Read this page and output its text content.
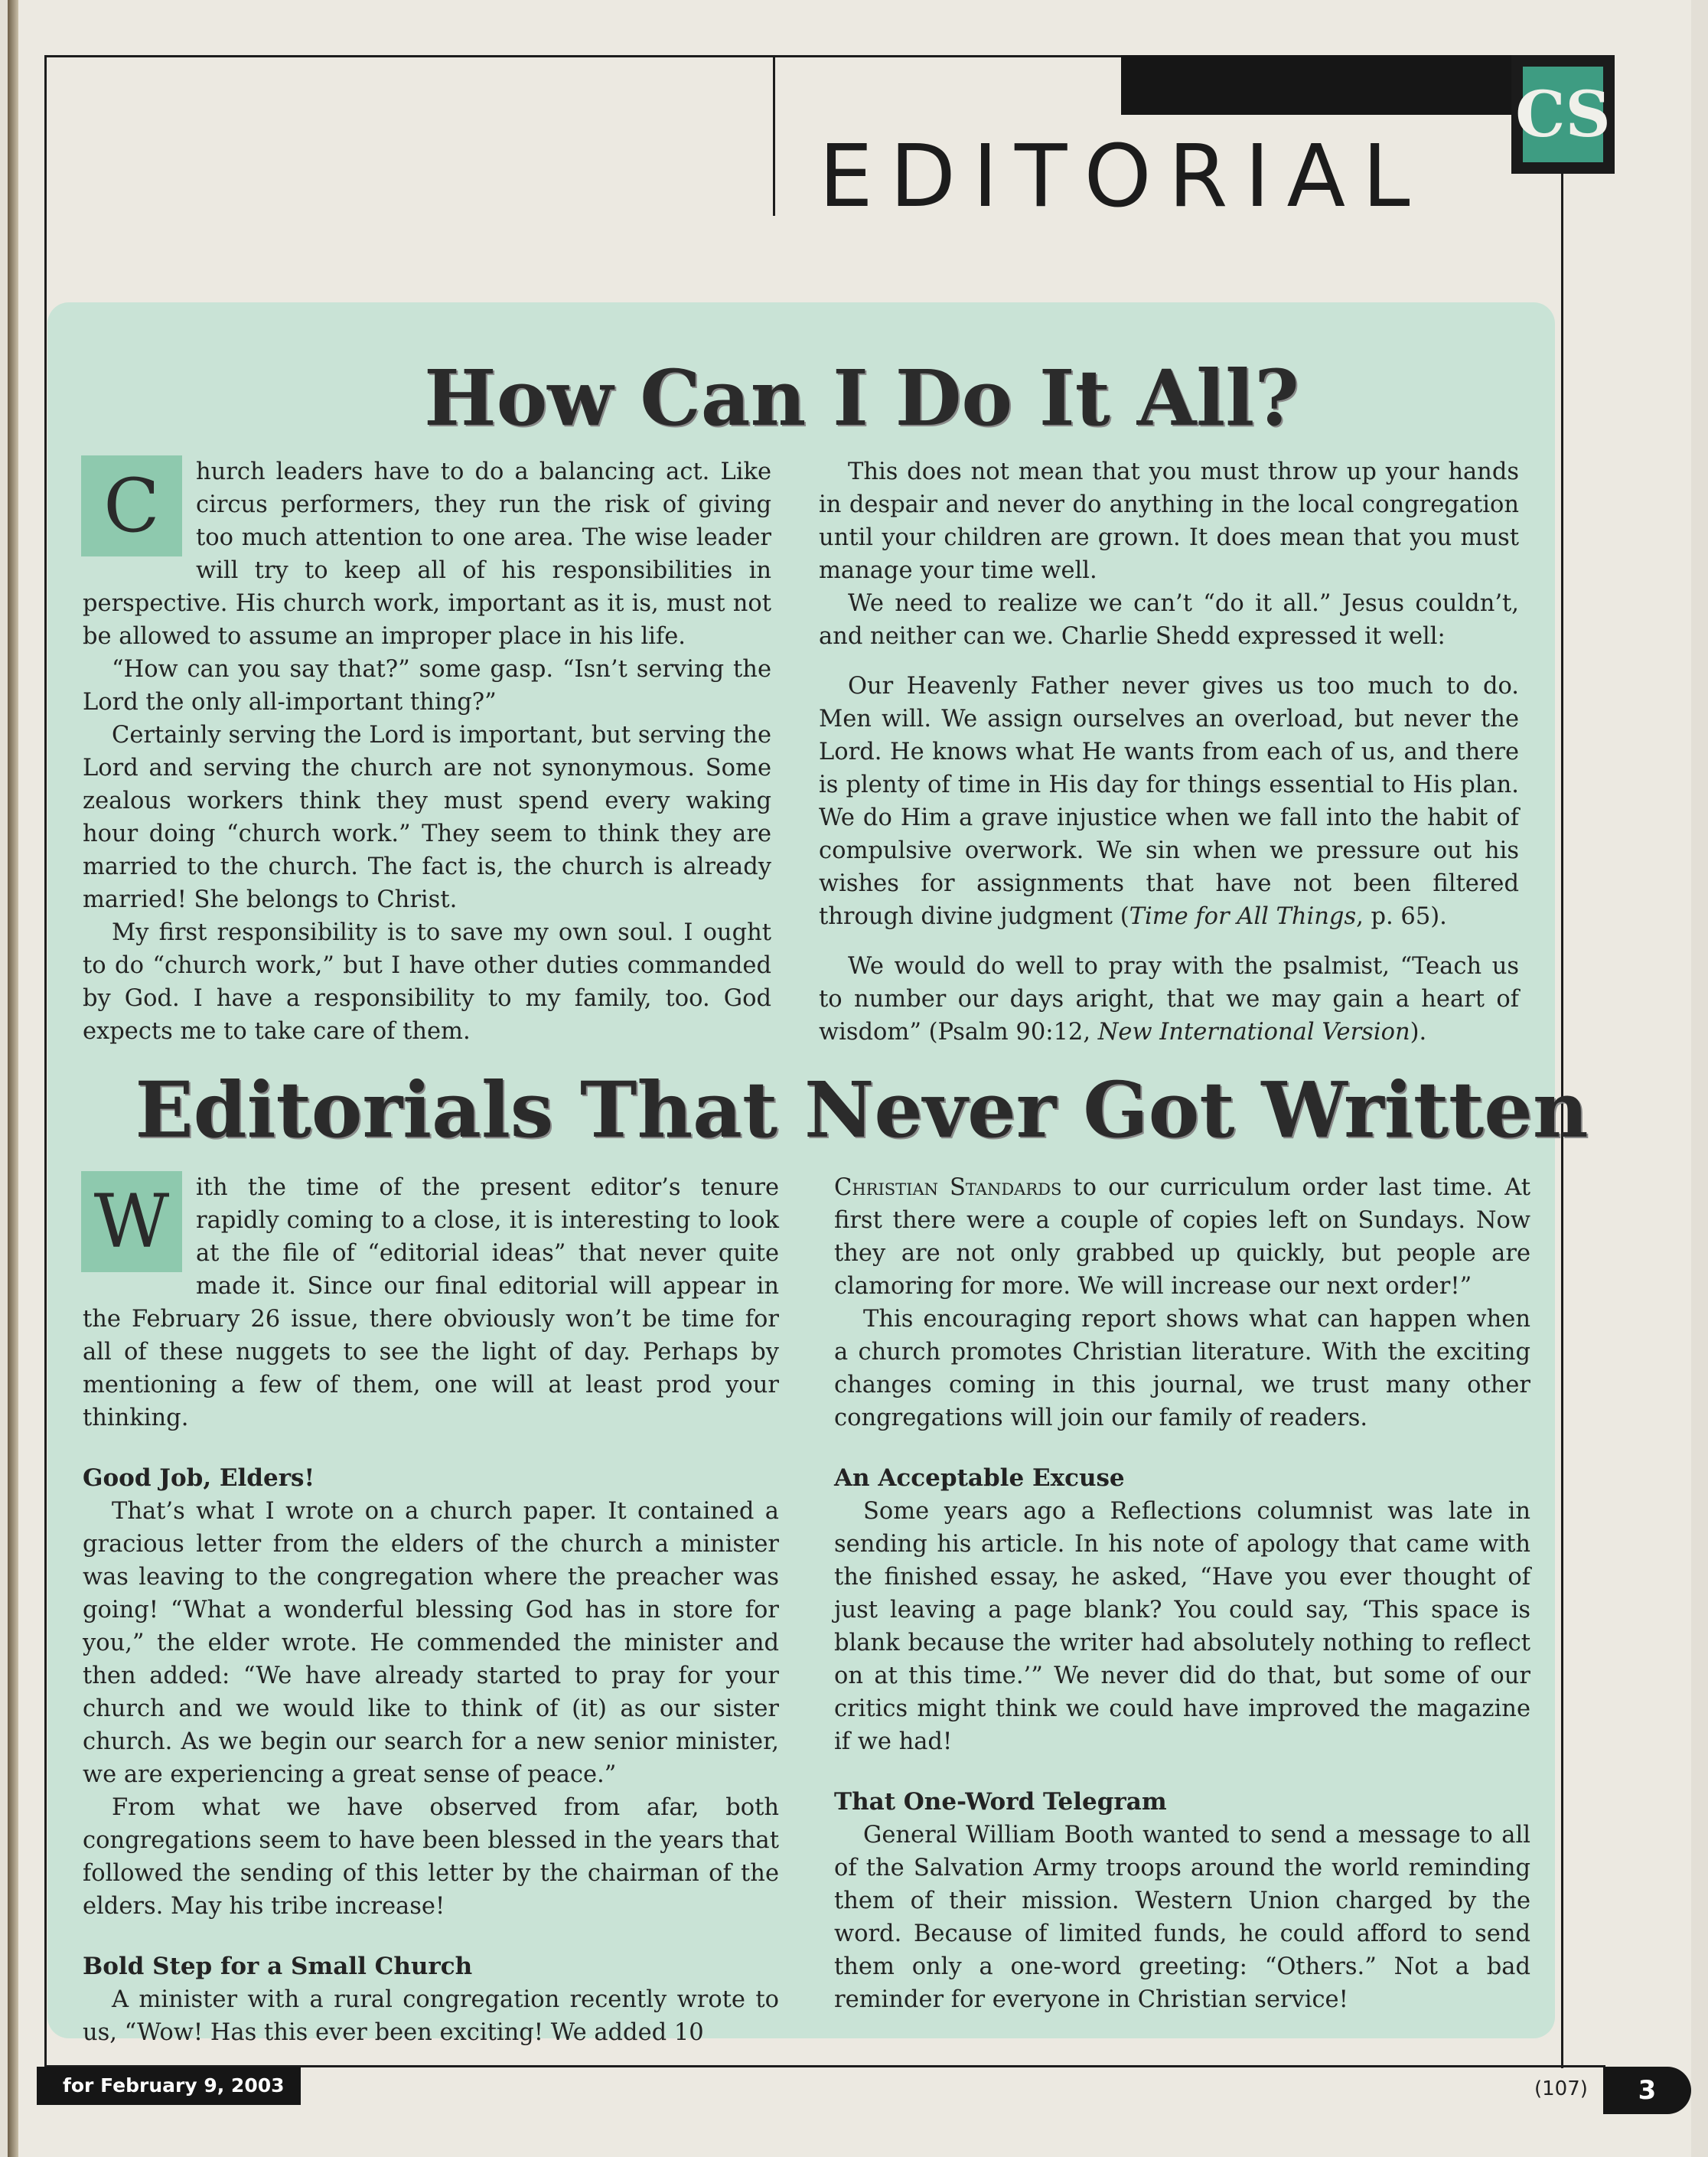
CS
EDITORIAL
How Can I Do It All?

C	hurch leaders have to do a balancing act. Like circus performers, they run the risk of giving too much attention to one area. The wise leader will try to keep all of his responsibilities in perspective. His church work, important as it is, must not be allowed to assume an improper place in his life.

“How can you say that?” some gasp. “Isn’t serving the Lord the only all-important thing?”

Certainly serving the Lord is important, but serving the Lord and serving the church are not synonymous. Some zealous workers think they must spend every waking hour doing “church work.” They seem to think they are married to the church. The fact is, the church is already married! She belongs to Christ.

My first responsibility is to save my own soul. I ought to do “church work,” but I have other duties commanded by God. I have a responsibility to my family, too. God expects me to take care of them.

This does not mean that you must throw up your hands in despair and never do anything in the local congregation until your children are grown. It does mean that you must manage your time well.

We need to realize we can’t “do it all.” Jesus couldn’t, and neither can we. Charlie Shedd expressed it well:

Our Heavenly Father never gives us too much to do. Men will. We assign ourselves an overload, but never the Lord. He knows what He wants from each of us, and there is plenty of time in His day for things essential to His plan. We do Him a grave injustice when we fall into the habit of compulsive overwork. We sin when we pressure out his wishes for assignments that have not been filtered through divine judgment (Time for All Things, p. 65).

We would do well to pray with the psalmist, “Teach us to number our days aright, that we may gain a heart of wisdom” (Psalm 90:12, New International Version).

Editorials That Never Got Written

W	ith the time of the present editor’s tenure rapidly coming to a close, it is interesting to look at the file of “editorial ideas” that never quite made it. Since our final editorial will appear in the February 26 issue, there obviously won’t be time for all of these nuggets to see the light of day. Perhaps by mentioning a few of them, one will at least prod your thinking.

Good Job, Elders!

That’s what I wrote on a church paper. It contained a gracious letter from the elders of the church a minister was leaving to the congregation where the preacher was going! “What a wonderful blessing God has in store for you,” the elder wrote. He commended the minister and then added: “We have already started to pray for your church and we would like to think of (it) as our sister church. As we begin our search for a new senior minister, we are experiencing a great sense of peace.”

From what we have observed from afar, both congregations seem to have been blessed in the years that followed the sending of this letter by the chairman of the elders. May his tribe increase!

Bold Step for a Small Church

A minister with a rural congregation recently wrote to us, “Wow! Has this ever been exciting! We added 10

Christian Standards to our curriculum order last time. At first there were a couple of copies left on Sundays. Now they are not only grabbed up quickly, but people are clamoring for more. We will increase our next order!”

This encouraging report shows what can happen when a church promotes Christian literature. With the exciting changes coming in this journal, we trust many other congregations will join our family of readers.

An Acceptable Excuse

Some years ago a Reflections columnist was late in sending his article. In his note of apology that came with the finished essay, he asked, “Have you ever thought of just leaving a page blank? You could say, ‘This space is blank because the writer had absolutely nothing to reflect on at this time.’” We never did do that, but some of our critics might think we could have improved the magazine if we had!

That One-Word Telegram

General William Booth wanted to send a message to all of the Salvation Army troops around the world reminding them of their mission. Western Union charged by the word. Because of limited funds, he could afford to send them only a one-word greeting: “Others.” Not a bad reminder for everyone in Christian service!

for February 9, 2003	(107)	3
